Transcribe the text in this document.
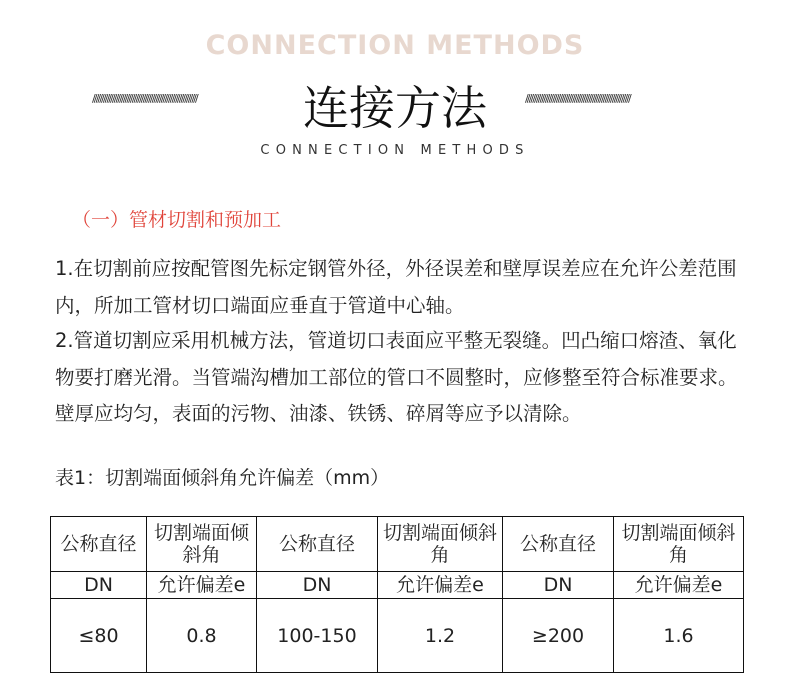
CONNECTION METHODS
//////////////////////////////////////////////////////////	连接方法	//////////////////////////////////////////////////////////
CONNECTION METHODS
（一）管材切割和预加工
1.在切割前应按配管图先标定钢管外径，外径误差和壁厚误差应在允许公差范围内，所加工管材切口端面应垂直于管道中心轴。
2.管道切割应采用机械方法，管道切口表面应平整无裂缝。凹凸缩口熔渣、氧化物要打磨光滑。当管端沟槽加工部位的管口不圆整时，应修整至符合标准要求。壁厚应均匀，表面的污物、油漆、铁锈、碎屑等应予以清除。
表1：切割端面倾斜角允许偏差（mm）
公称直径	切割端面倾斜角	公称直径	切割端面倾斜角	公称直径	切割端面倾斜角
DN	允许偏差e	DN	允许偏差e	DN	允许偏差e
≤80	0.8	100-150	1.2	≥200	1.6
